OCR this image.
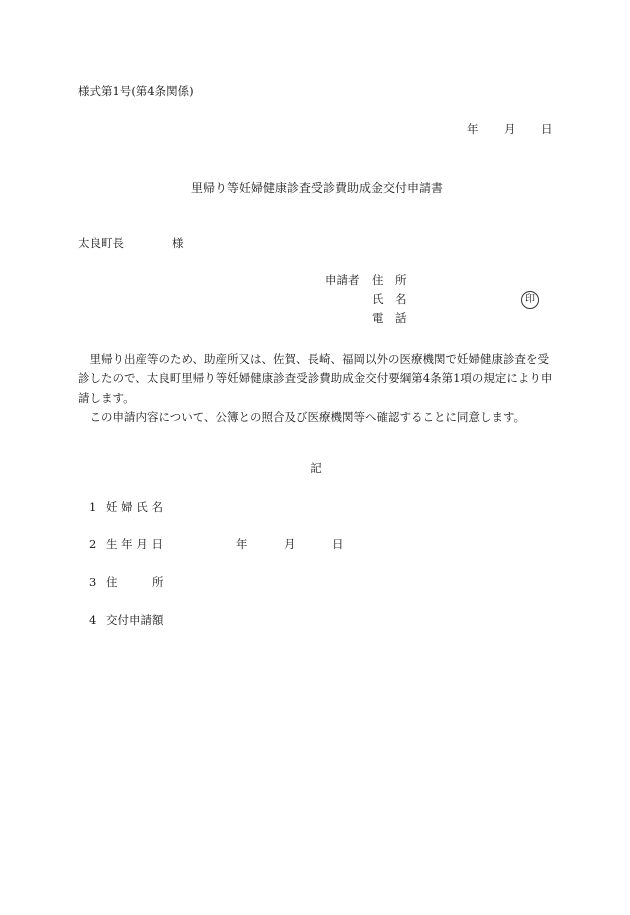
様式第1号(第4条関係)
年 月 日
里帰り等妊婦健康診査受診費助成金交付申請書
太良町長	様
申請者 住　所
氏　名
電　話
印

里帰り出産等のため、助産所又は、佐賀、長崎、福岡以外の医療機関で妊婦健康診査を受診したので、太良町里帰り等妊婦健康診査受診費助成金交付要綱第4条第1項の規定により申請します。

この申請内容について、公簿との照合及び医療機関等へ確認することに同意します。

記
1 妊 婦 氏 名
2 生 年 月 日	年	月	日
3 住　　　所
4 交付申請額
